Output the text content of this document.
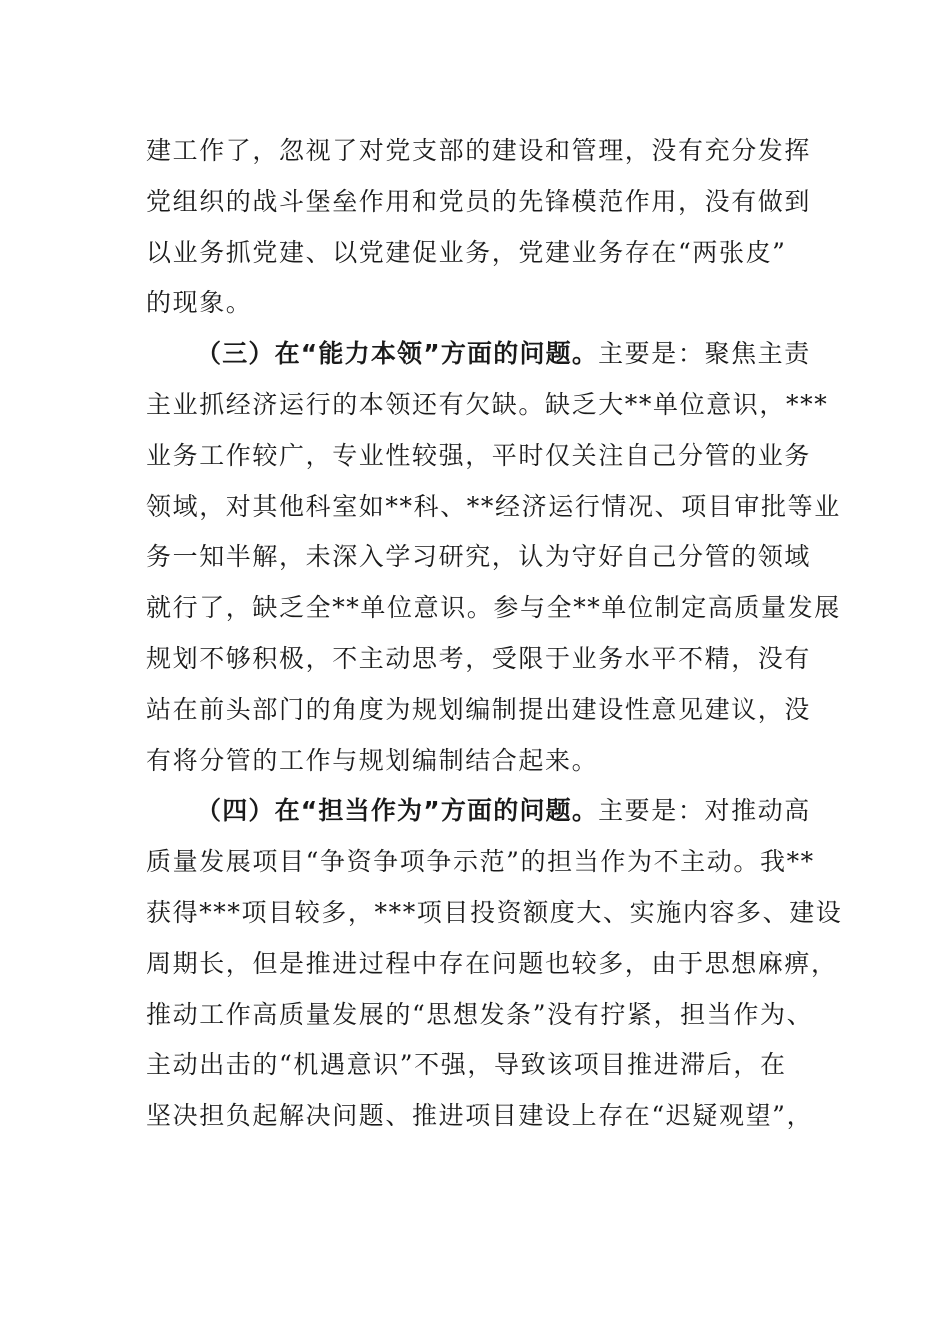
建工作了，忽视了对党支部的建设和管理，没有充分发挥
党组织的战斗堡垒作用和党员的先锋模范作用，没有做到
以业务抓党建、以党建促业务，党建业务存在“两张皮”
的现象。
（三）在“能力本领”方面的问题。主要是：聚焦主责
主业抓经济运行的本领还有欠缺。缺乏大**单位意识，***
业务工作较广，专业性较强，平时仅关注自己分管的业务
领域，对其他科室如**科、**经济运行情况、项目审批等业
务一知半解，未深入学习研究，认为守好自己分管的领域
就行了，缺乏全**单位意识。参与全**单位制定高质量发展
规划不够积极，不主动思考，受限于业务水平不精，没有
站在前头部门的角度为规划编制提出建设性意见建议，没
有将分管的工作与规划编制结合起来。
（四）在“担当作为”方面的问题。主要是：对推动高
质量发展项目“争资争项争示范”的担当作为不主动。我**
获得***项目较多，***项目投资额度大、实施内容多、建设
周期长，但是推进过程中存在问题也较多，由于思想麻痹，
推动工作高质量发展的“思想发条”没有拧紧，担当作为、
主动出击的“机遇意识”不强，导致该项目推进滞后，在
坚决担负起解决问题、推进项目建设上存在“迟疑观望”，
